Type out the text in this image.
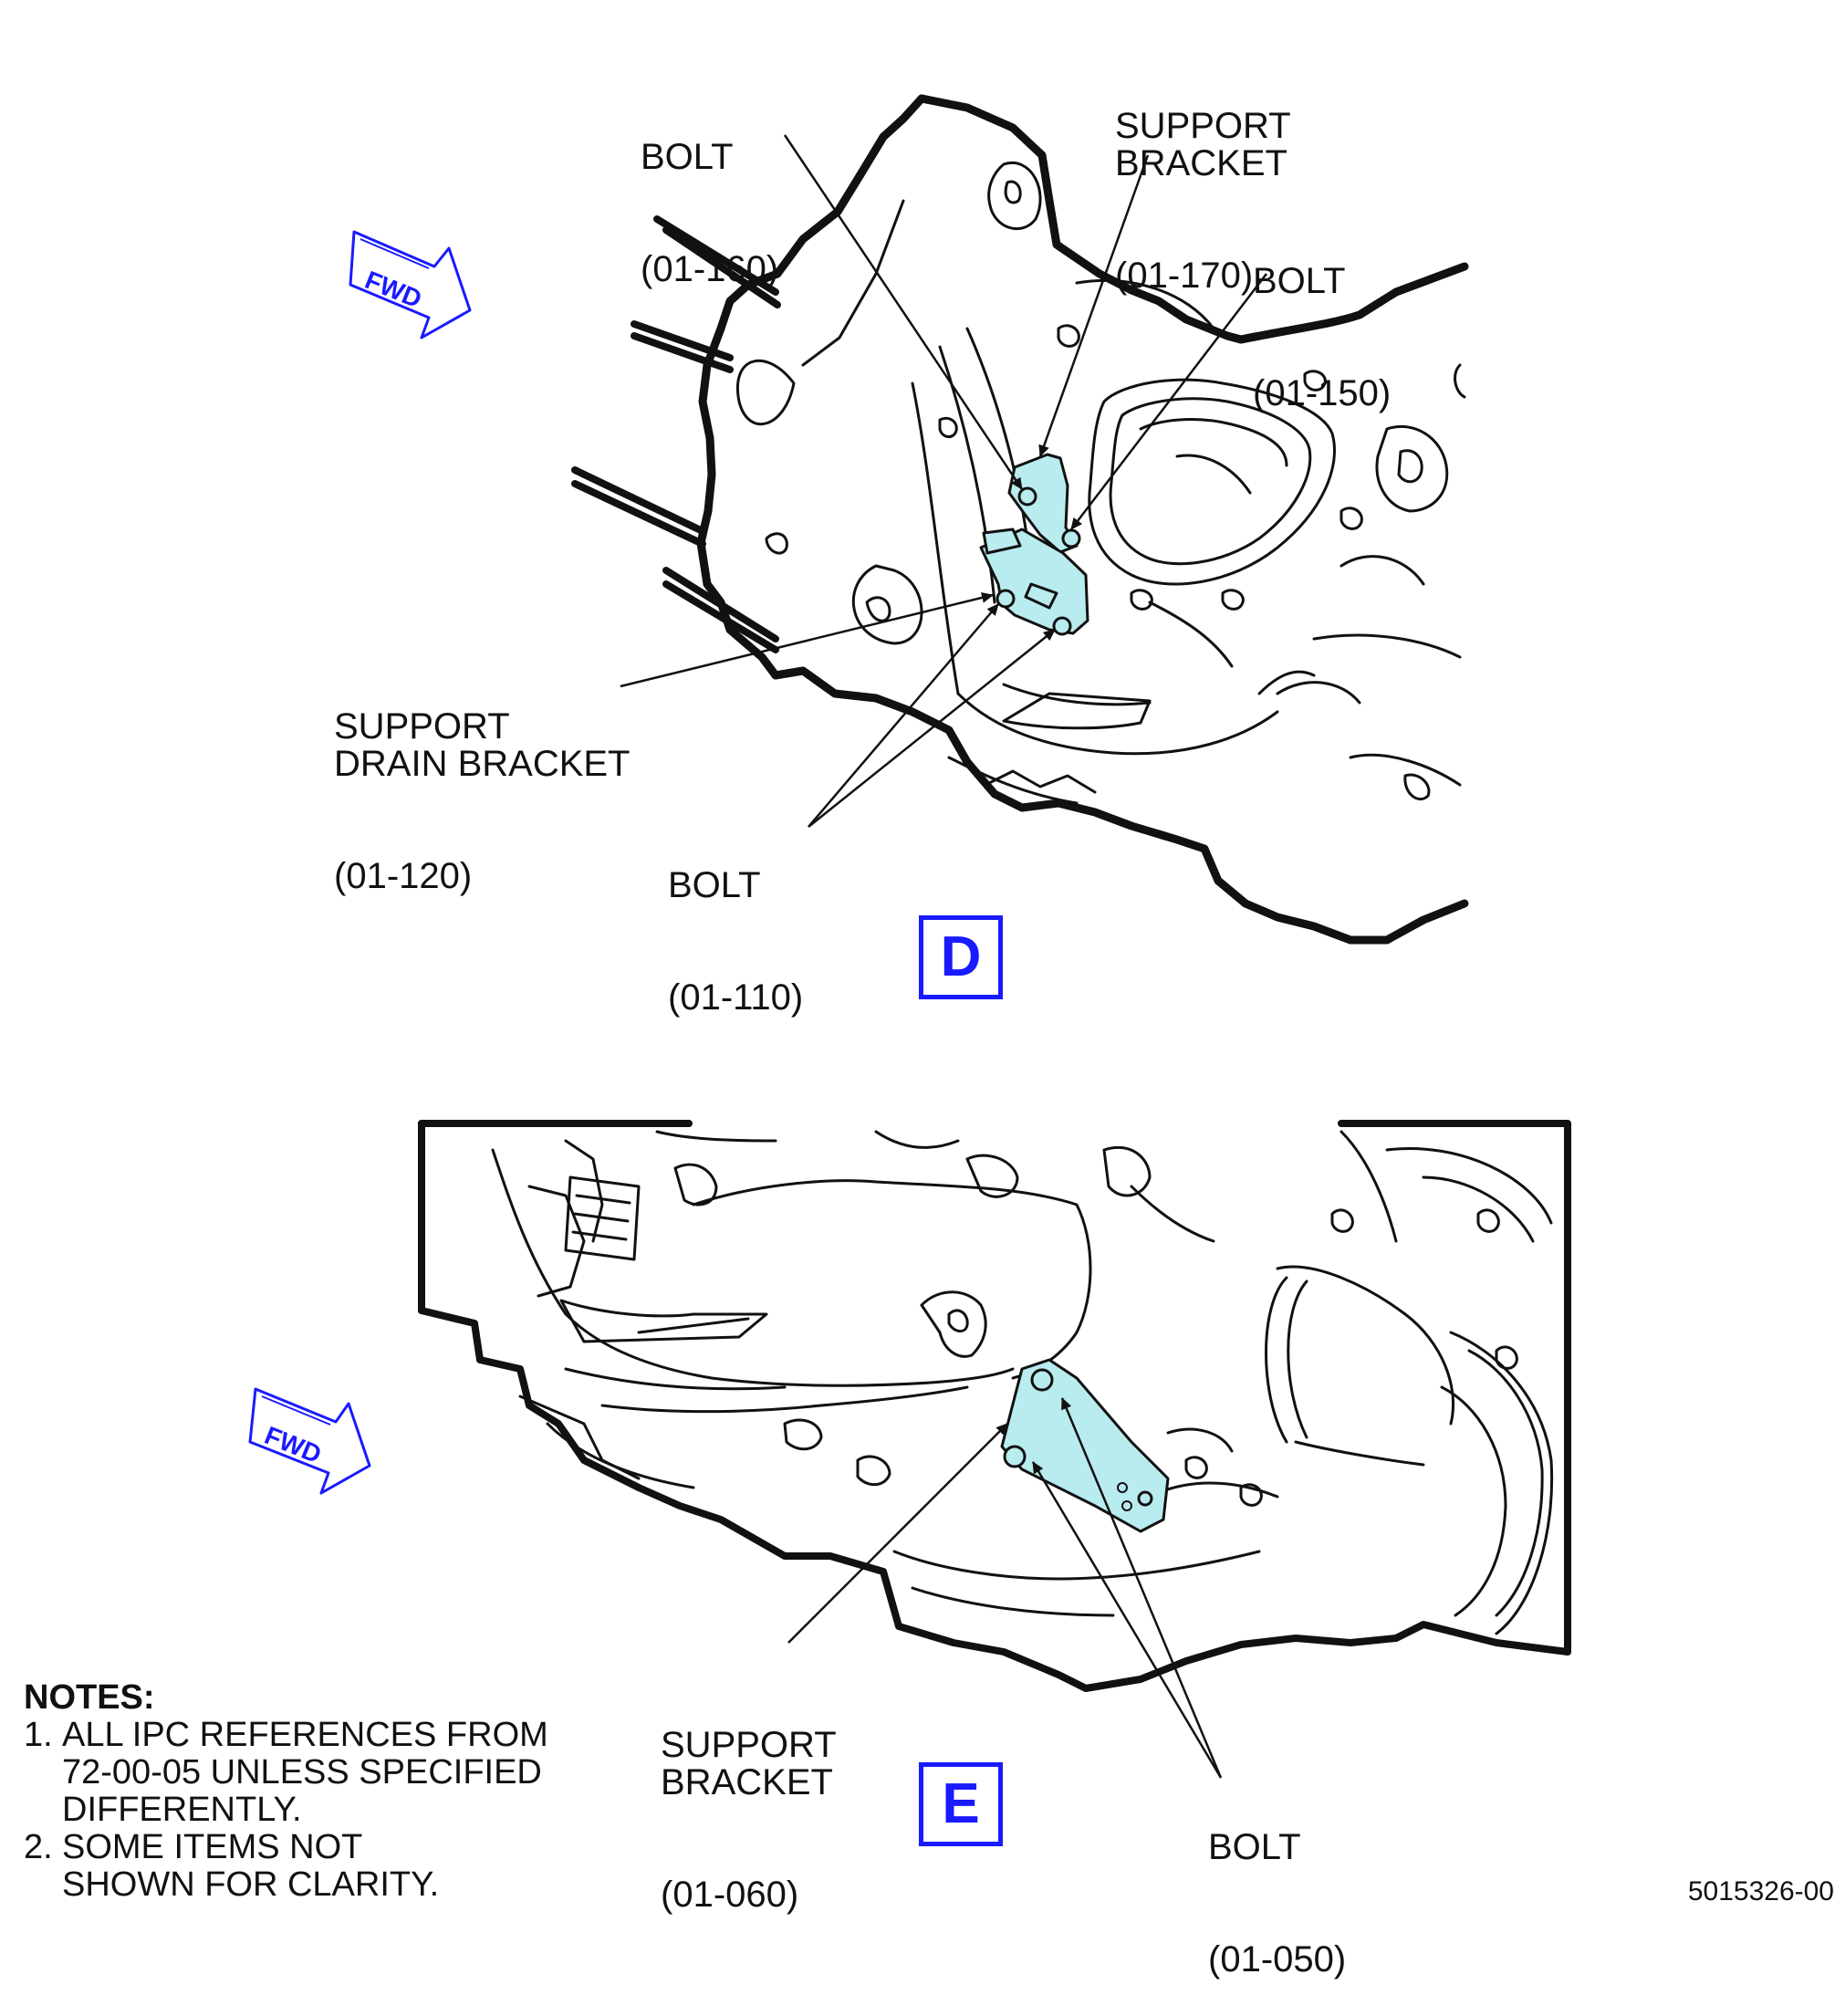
FWD
FWD

BOLT

(01-160)

SUPPORT
BRACKET

(01-170)

BOLT

(01-150)

SUPPORT
DRAIN BRACKET

(01-120)

	BOLT

(01-110)

D

SUPPORT
BRACKET

(01-060)

BOLT

(01-050)

E
NOTES:
1. ALL IPC REFERENCES FROM
72-00-05 UNLESS SPECIFIED
DIFFERENTLY.
2. SOME ITEMS NOT
SHOWN FOR CLARITY.	5015326-00
